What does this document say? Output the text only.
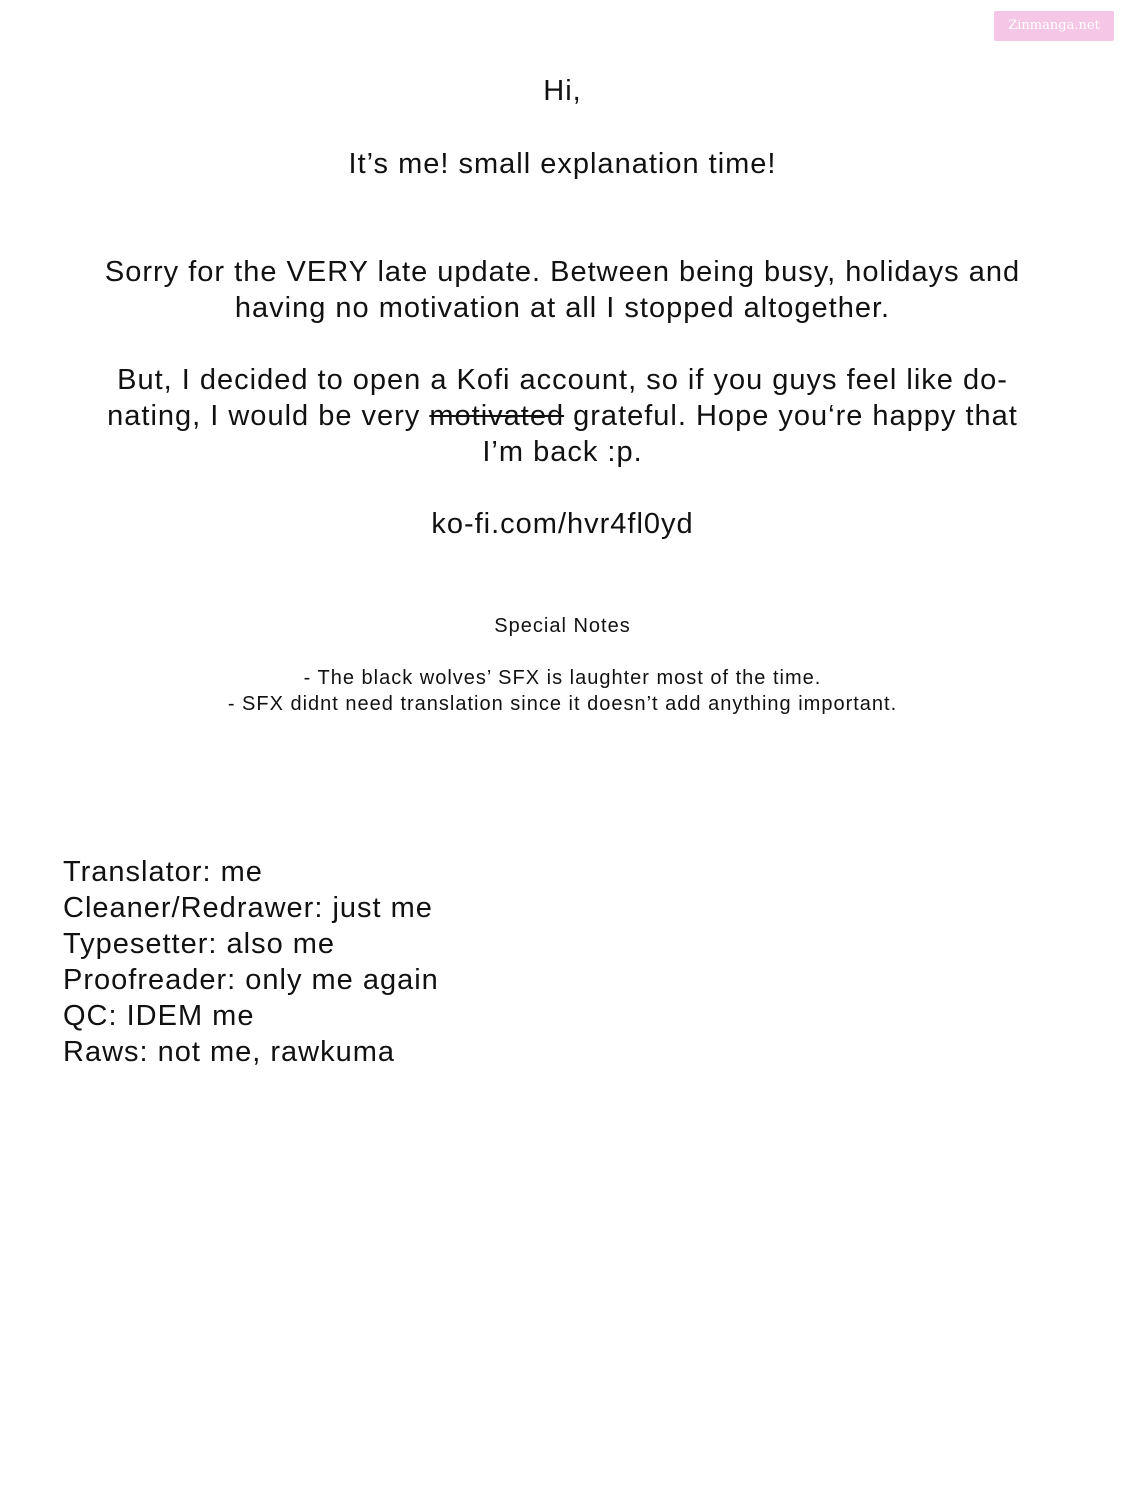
Zinmanga.net
Hi,
It’s me! small explanation time!
Sorry for the VERY late update. Between being busy, holidays and
having no motivation at all I stopped altogether.
But, I decided to open a Kofi account, so if you guys feel like do-
nating, I would be very motivated grateful. Hope you‘re happy that
I’m back :p.
ko-fi.com/hvr4fl0yd
Special Notes
- The black wolves’ SFX is laughter most of the time.
- SFX didnt need translation since it doesn’t add anything important.
Translator: me
Cleaner/Redrawer: just me
Typesetter: also me
Proofreader: only me again
QC: IDEM me
Raws: not me, rawkuma
